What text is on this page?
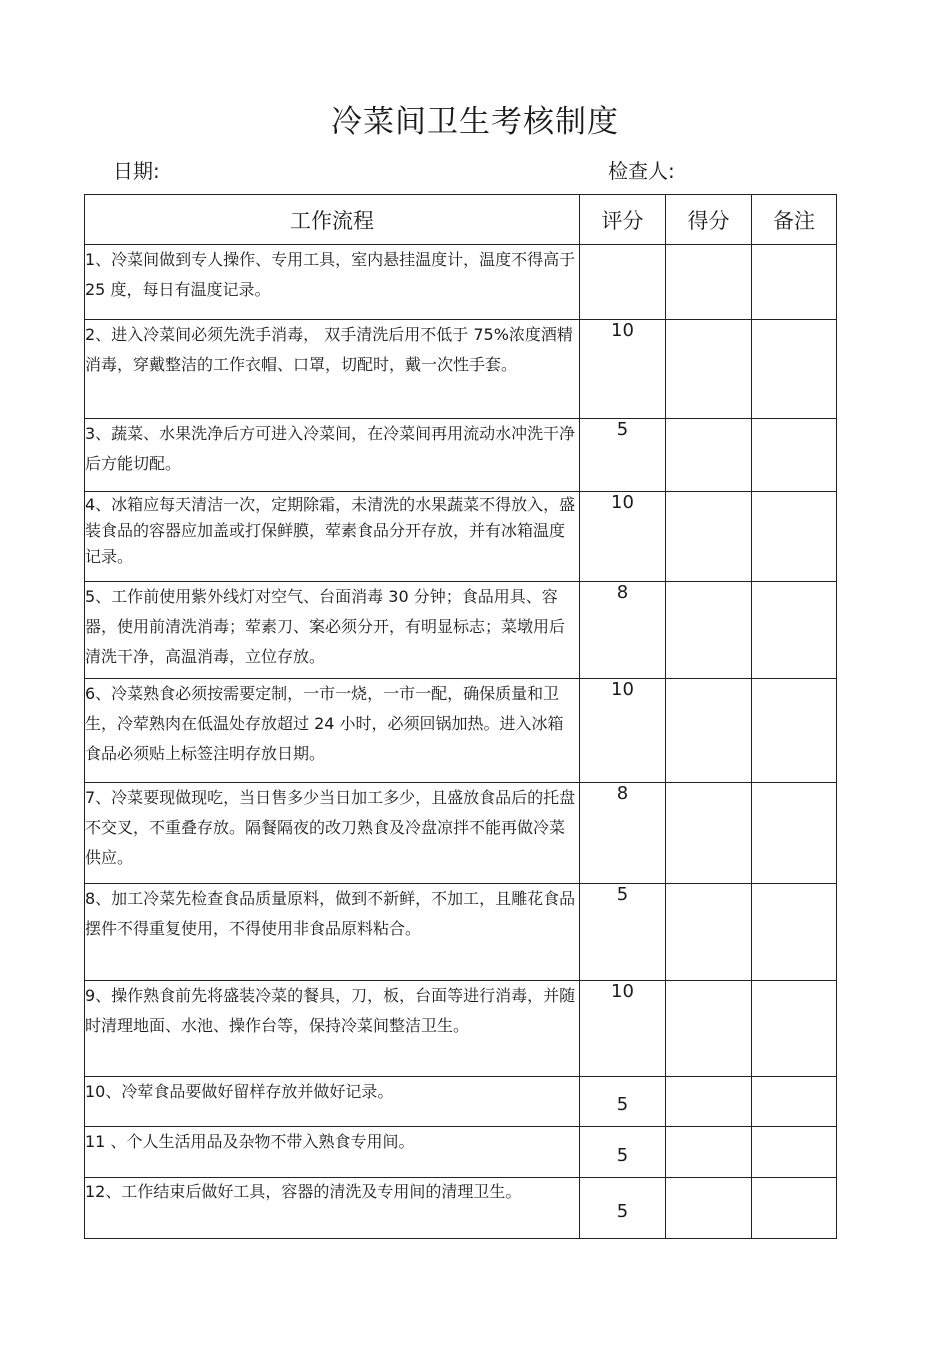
冷菜间卫生考核制度
日期:	检查人:
工作流程	评分	得分	备注
1、冷菜间做到专人操作、专用工具，室内悬挂温度计，温度不得高于 25 度，每日有温度记录。			
2、进入冷菜间必须先洗手消毒， 双手清洗后用不低于 75%浓度酒精消毒，穿戴整洁的工作衣帽、口罩，切配时，戴一次性手套。	10		
3、蔬菜、水果洗净后方可进入冷菜间，在冷菜间再用流动水冲洗干净后方能切配。	5		
4、冰箱应每天清洁一次，定期除霜，未清洗的水果蔬菜不得放入，盛装食品的容器应加盖或打保鲜膜，荤素食品分开存放，并有冰箱温度记录。	10		
5、工作前使用紫外线灯对空气、台面消毒 30 分钟；食品用具、容器，使用前清洗消毒；荤素刀、案必须分开，有明显标志；菜墩用后清洗干净，高温消毒，立位存放。	8		
6、冷菜熟食必须按需要定制，一市一烧，一市一配，确保质量和卫生，冷荤熟肉在低温处存放超过 24 小时，必须回锅加热。进入冰箱食品必须贴上标签注明存放日期。	10		
7、冷菜要现做现吃，当日售多少当日加工多少，且盛放食品后的托盘不交叉，不重叠存放。隔餐隔夜的改刀熟食及冷盘凉拌不能再做冷菜供应。	8		
8、加工冷菜先检查食品质量原料，做到不新鲜，不加工，且雕花食品摆件不得重复使用，不得使用非食品原料粘合。	5		
9、操作熟食前先将盛装冷菜的餐具，刀，板，台面等进行消毒，并随时清理地面、水池、操作台等，保持冷菜间整洁卫生。	10		
10、冷荤食品要做好留样存放并做好记录。	5		
11 、个人生活用品及杂物不带入熟食专用间。	5		
12、工作结束后做好工具，容器的清洗及专用间的清理卫生。	5		
